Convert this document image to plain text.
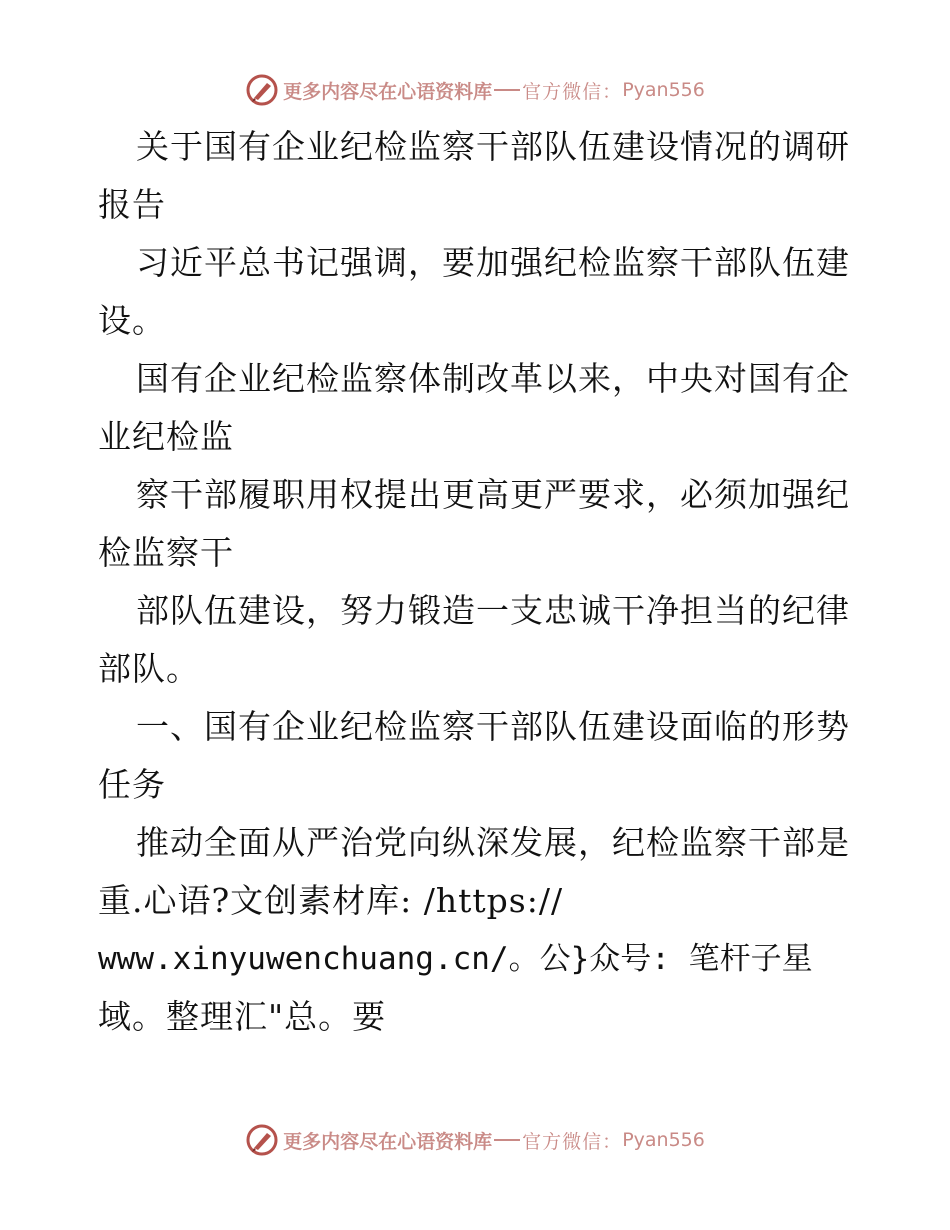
更多内容尽在心语资料库 官方微信： Pyan556
关于国有企业纪检监察干部队伍建设情况的调研
报告
习近平总书记强调，要加强纪检监察干部队伍建
设。
国有企业纪检监察体制改革以来，中央对国有企
业纪检监
察干部履职用权提出更高更严要求，必须加强纪
检监察干
部队伍建设，努力锻造一支忠诚干净担当的纪律
部队。
一、国有企业纪检监察干部队伍建设面临的形势
任务
推动全面从严治党向纵深发展，纪检监察干部是
重.心语?文创素材库: /https://
www.xinyuwenchuang.cn/。公}众号: 笔杆子星
域。整理汇"总。要
更多内容尽在心语资料库 官方微信： Pyan556
